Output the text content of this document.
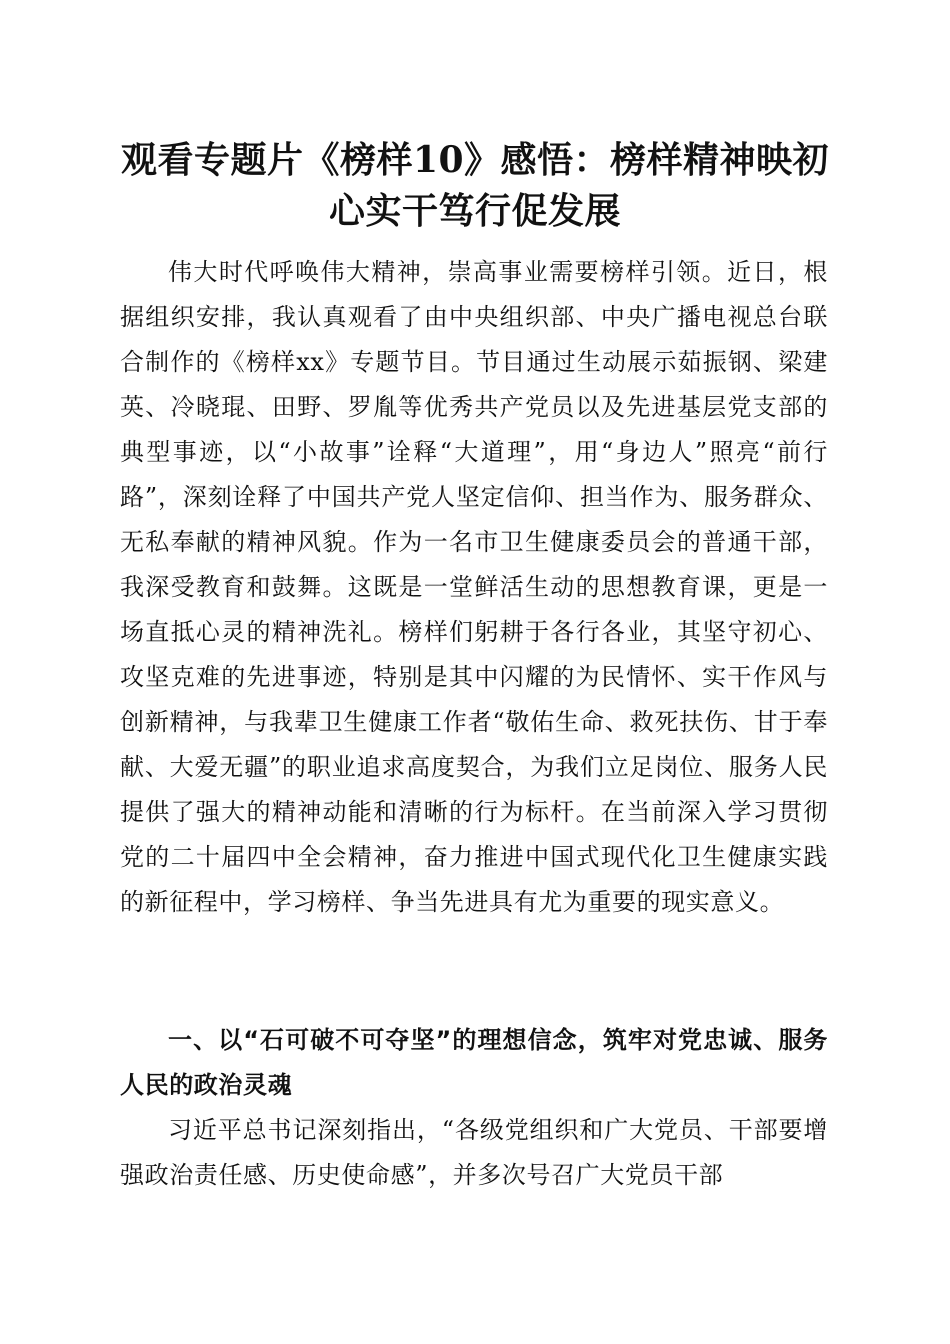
观看专题片《榜样10》感悟：榜样精神映初心实干笃行促发展

伟大时代呼唤伟大精神，崇高事业需要榜样引领。近日，根据组织安排，我认真观看了由中央组织部、中央广播电视总台联合制作的《榜样xx》专题节目。节目通过生动展示茹振钢、梁建英、冷晓琨、田野、罗胤等优秀共产党员以及先进基层党支部的典型事迹，以“小故事”诠释“大道理”，用“身边人”照亮“前行路”，深刻诠释了中国共产党人坚定信仰、担当作为、服务群众、无私奉献的精神风貌。作为一名市卫生健康委员会的普通干部，我深受教育和鼓舞。这既是一堂鲜活生动的思想教育课，更是一场直抵心灵的精神洗礼。榜样们躬耕于各行各业，其坚守初心、攻坚克难的先进事迹，特别是其中闪耀的为民情怀、实干作风与创新精神，与我辈卫生健康工作者“敬佑生命、救死扶伤、甘于奉献、大爱无疆”的职业追求高度契合，为我们立足岗位、服务人民提供了强大的精神动能和清晰的行为标杆。在当前深入学习贯彻党的二十届四中全会精神，奋力推进中国式现代化卫生健康实践的新征程中，学习榜样、争当先进具有尤为重要的现实意义。

一、以“石可破不可夺坚”的理想信念，筑牢对党忠诚、服务人民的政治灵魂

习近平总书记深刻指出，“各级党组织和广大党员、干部要增强政治责任感、历史使命感”，并多次号召广大党员干部
